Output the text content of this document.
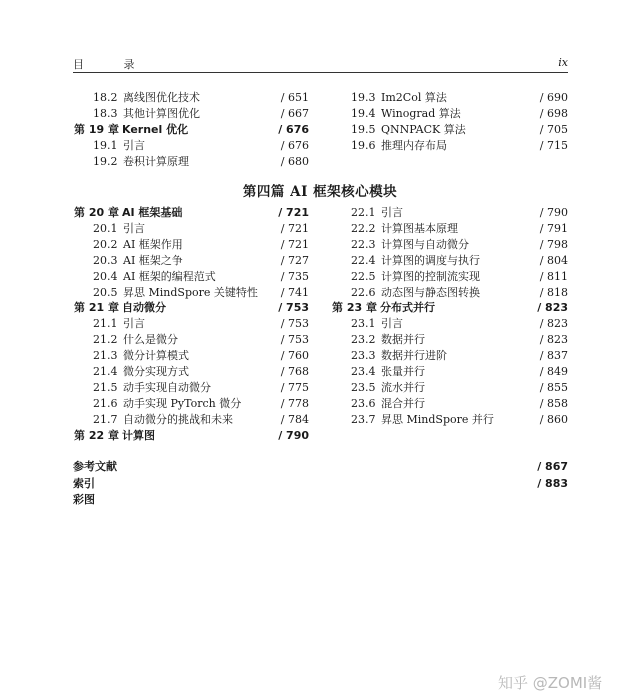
目 录	ix
第四篇 AI 框架核心模块
18.2 离线图优化技术	/ 651
18.3 其他计算图优化	/ 667
第 19 章 Kernel 优化	/ 676
19.1 引言	/ 676
19.2 卷积计算原理	/ 680
19.3 Im2Col 算法	/ 690
19.4 Winograd 算法	/ 698
19.5 QNNPACK 算法	/ 705
19.6 推理内存布局	/ 715
第 20 章 AI 框架基础	/ 721
20.1 引言	/ 721
20.2 AI 框架作用	/ 721
20.3 AI 框架之争	/ 727
20.4 AI 框架的编程范式	/ 735
20.5 昇思 MindSpore 关键特性 / 741
第 21 章 自动微分	/ 753
21.1 引言	/ 753
21.2 什么是微分	/ 753
21.3 微分计算模式	/ 760
21.4 微分实现方式	/ 768
21.5 动手实现自动微分	/ 775
21.6 动手实现 PyTorch 微分	/ 778
21.7 自动微分的挑战和未来	/ 784
第 22 章 计算图	/ 790
22.1 引言	/ 790
22.2 计算图基本原理	/ 791
22.3 计算图与自动微分	/ 798
22.4 计算图的调度与执行	/ 804
22.5 计算图的控制流实现	/ 811
22.6 动态图与静态图转换	/ 818
第 23 章 分布式并行	/ 823
23.1 引言	/ 823
23.2 数据并行	/ 823
23.3 数据并行进阶	/ 837
23.4 张量并行	/ 849
23.5 流水并行	/ 855
23.6 混合并行	/ 858
23.7 昇思 MindSpore 并行	/ 860
参考文献	/ 867
索引	/ 883
彩图
知乎 @ZOMI酱
